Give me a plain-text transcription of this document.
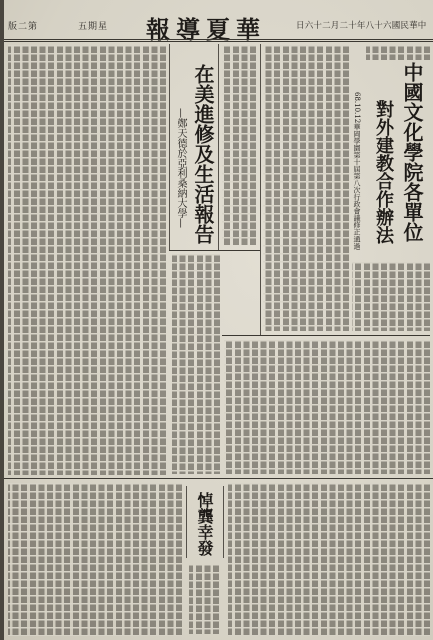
第二版	星期五 華夏導報	中華民國六十八年十二月二十六日
中國文化學院各單位
對外建教合作辦法
68.10.12華岡學園第十屆第八次行政會議修正通過
在美進修及生活報告
—鄭天德於亞利桑納大學—
悼龔幸發
